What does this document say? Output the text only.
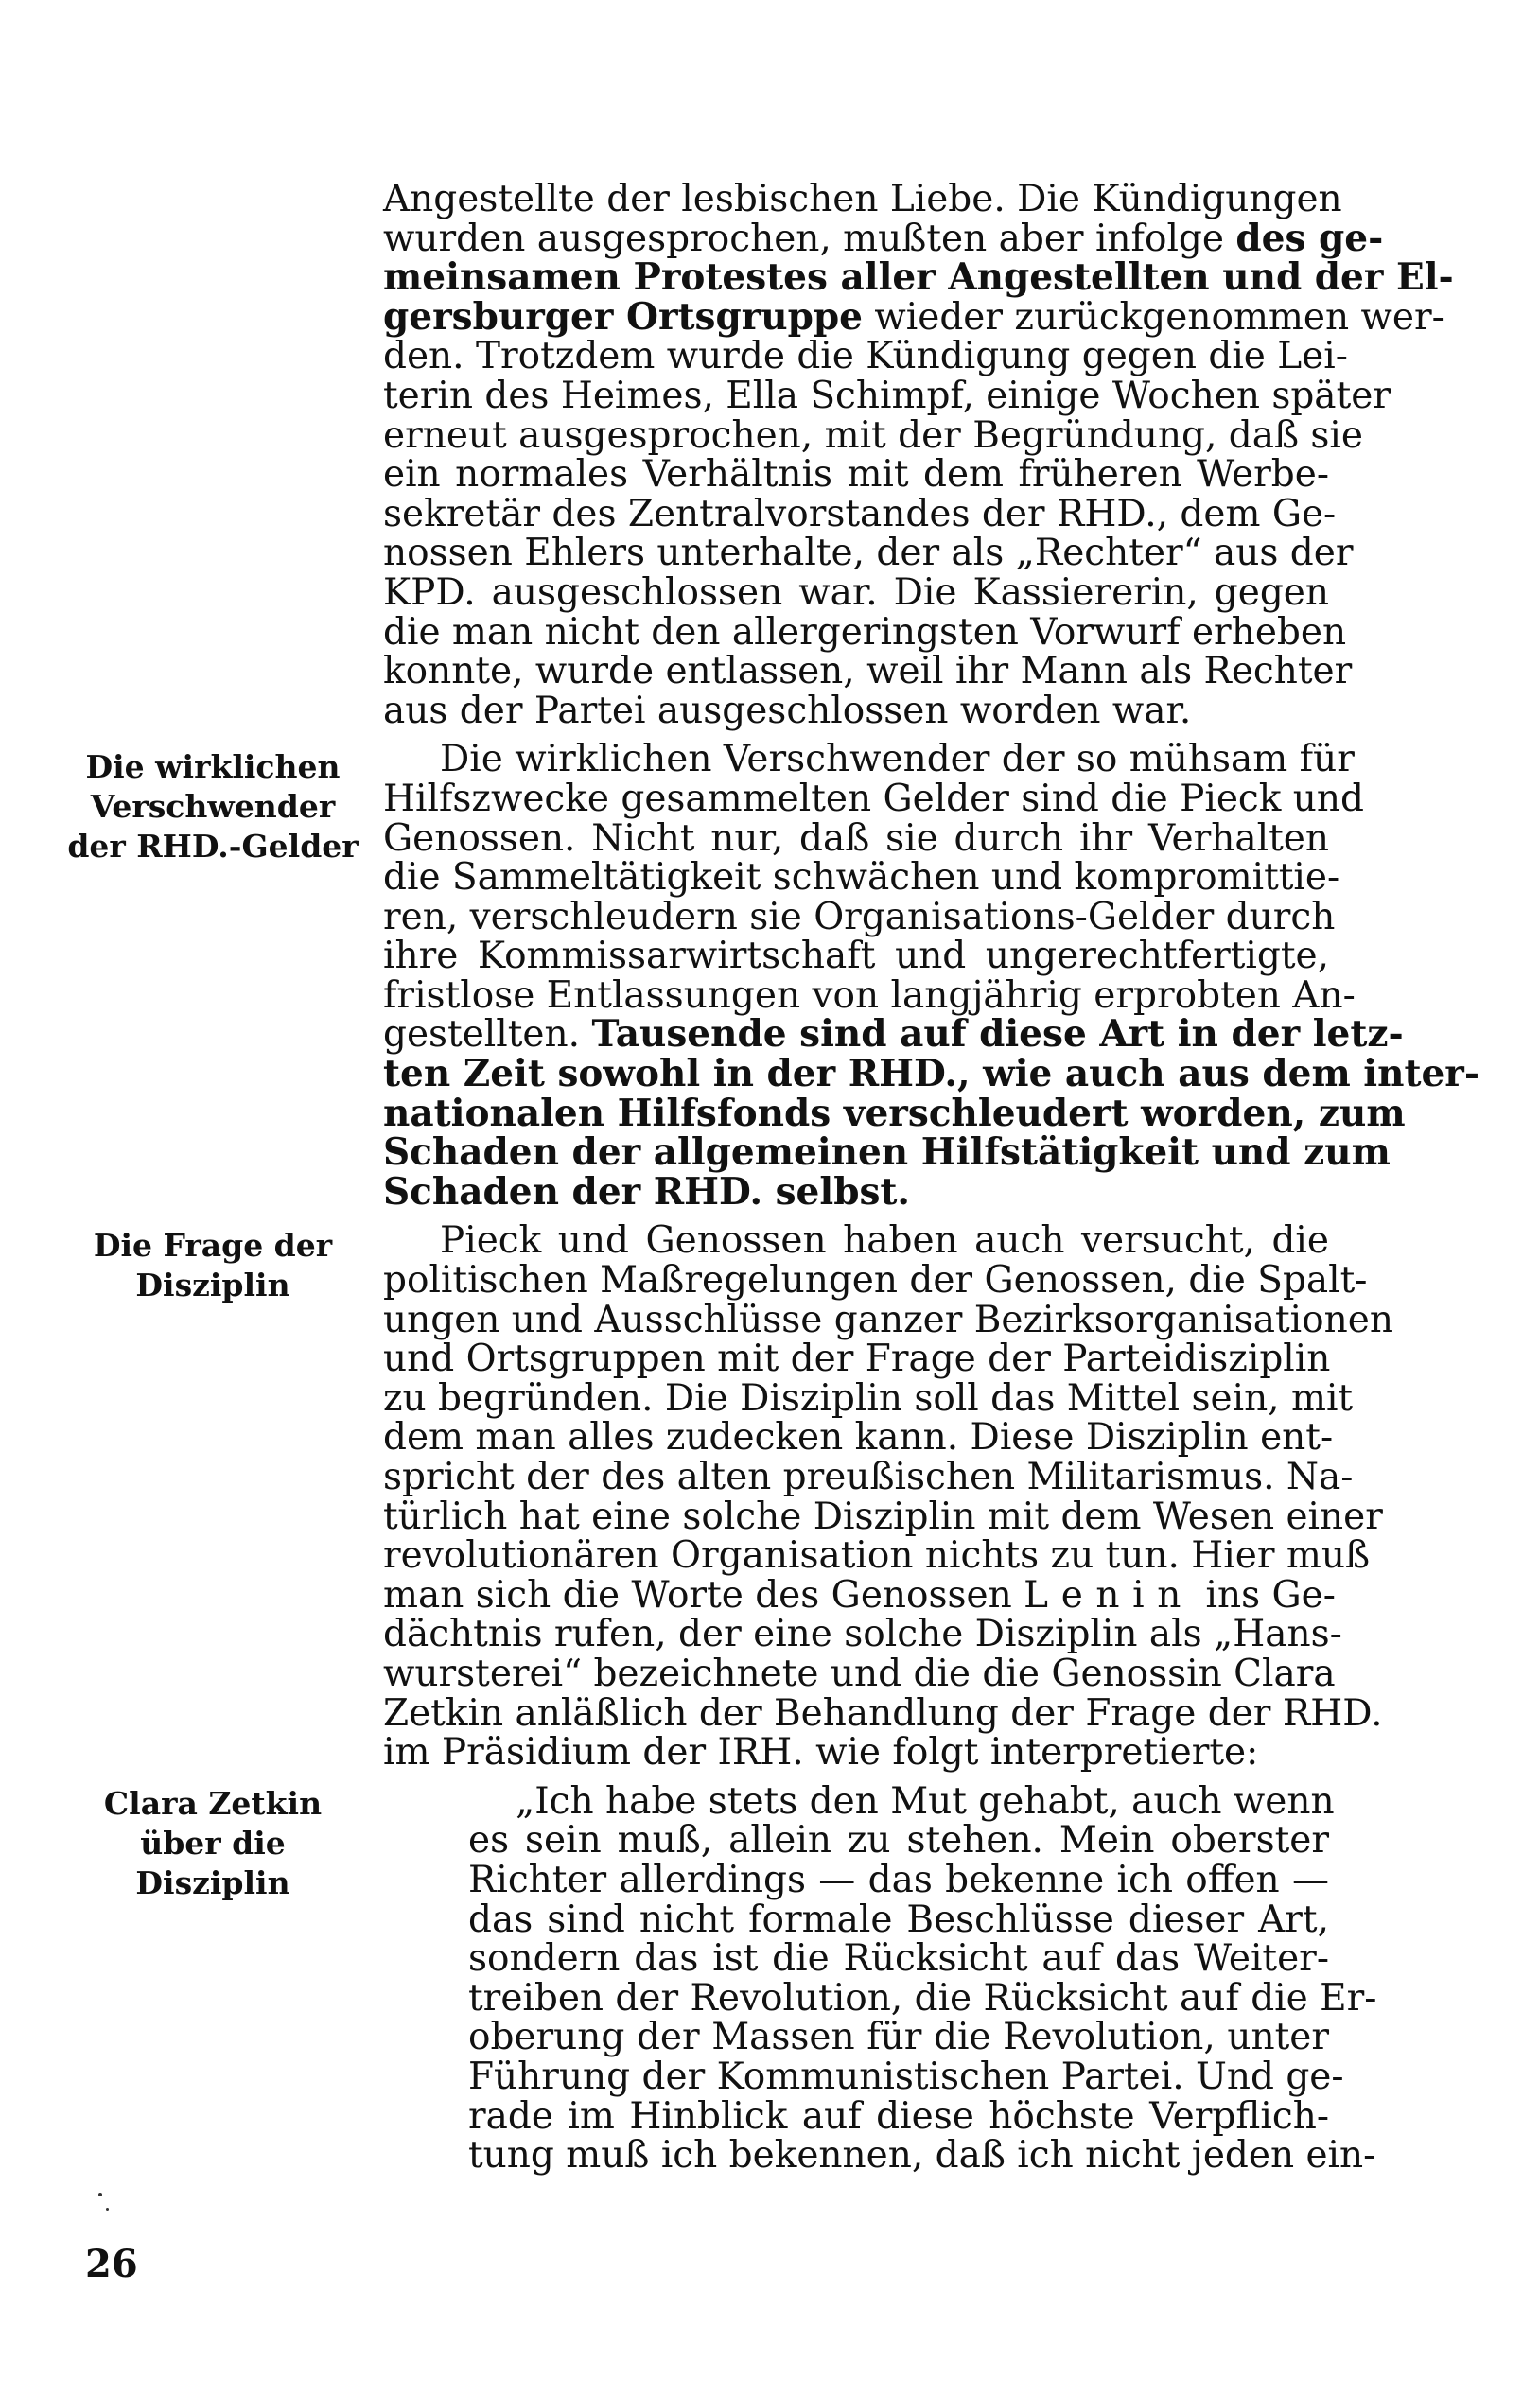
Die wirklichen
Verschwender
der RHD.-Gelder
Die Frage der
Disziplin
Clara Zetkin
über die Disziplin
Angestellte der lesbischen Liebe. Die Kündigungen
wurden ausgesprochen, mußten aber infolge des ge-
meinsamen Protestes aller Angestellten und der El-
gersburger Ortsgruppe wieder zurückgenommen wer-
den. Trotzdem wurde die Kündigung gegen die Lei-
terin des Heimes, Ella Schimpf, einige Wochen später
erneut ausgesprochen, mit der Begründung, daß sie
ein normales Verhältnis mit dem früheren Werbe-
sekretär des Zentralvorstandes der RHD., dem Ge-
nossen Ehlers unterhalte, der als „Rechter“ aus der
KPD. ausgeschlossen war. Die Kassiererin, gegen
die man nicht den allergeringsten Vorwurf erheben
konnte, wurde entlassen, weil ihr Mann als Rechter
aus der Partei ausgeschlossen worden war.
Die wirklichen Verschwender der so mühsam für
Hilfszwecke gesammelten Gelder sind die Pieck und
Genossen. Nicht nur, daß sie durch ihr Verhalten
die Sammeltätigkeit schwächen und kompromittie-
ren, verschleudern sie Organisations-Gelder durch
ihre Kommissarwirtschaft und ungerechtfertigte,
fristlose Entlassungen von langjährig erprobten An-
gestellten. Tausende sind auf diese Art in der letz-
ten Zeit sowohl in der RHD., wie auch aus dem inter-
nationalen Hilfsfonds verschleudert worden, zum
Schaden der allgemeinen Hilfstätigkeit und zum
Schaden der RHD. selbst.
Pieck und Genossen haben auch versucht, die
politischen Maßregelungen der Genossen, die Spalt-
ungen und Ausschlüsse ganzer Bezirksorganisationen
und Ortsgruppen mit der Frage der Parteidisziplin
zu begründen. Die Disziplin soll das Mittel sein, mit
dem man alles zudecken kann. Diese Disziplin ent-
spricht der des alten preußischen Militarismus. Na-
türlich hat eine solche Disziplin mit dem Wesen einer
revolutionären Organisation nichts zu tun. Hier muß
man sich die Worte des Genossen Lenin ins Ge-
dächtnis rufen, der eine solche Disziplin als „Hans-
wursterei“ bezeichnete und die die Genossin Clara
Zetkin anläßlich der Behandlung der Frage der RHD.
im Präsidium der IRH. wie folgt interpretierte:
„Ich habe stets den Mut gehabt, auch wenn
es sein muß, allein zu stehen. Mein oberster
Richter allerdings — das bekenne ich offen —
das sind nicht formale Beschlüsse dieser Art,
sondern das ist die Rücksicht auf das Weiter-
treiben der Revolution, die Rücksicht auf die Er-
oberung der Massen für die Revolution, unter
Führung der Kommunistischen Partei. Und ge-
rade im Hinblick auf diese höchste Verpflich-
tung muß ich bekennen, daß ich nicht jeden ein-
26
